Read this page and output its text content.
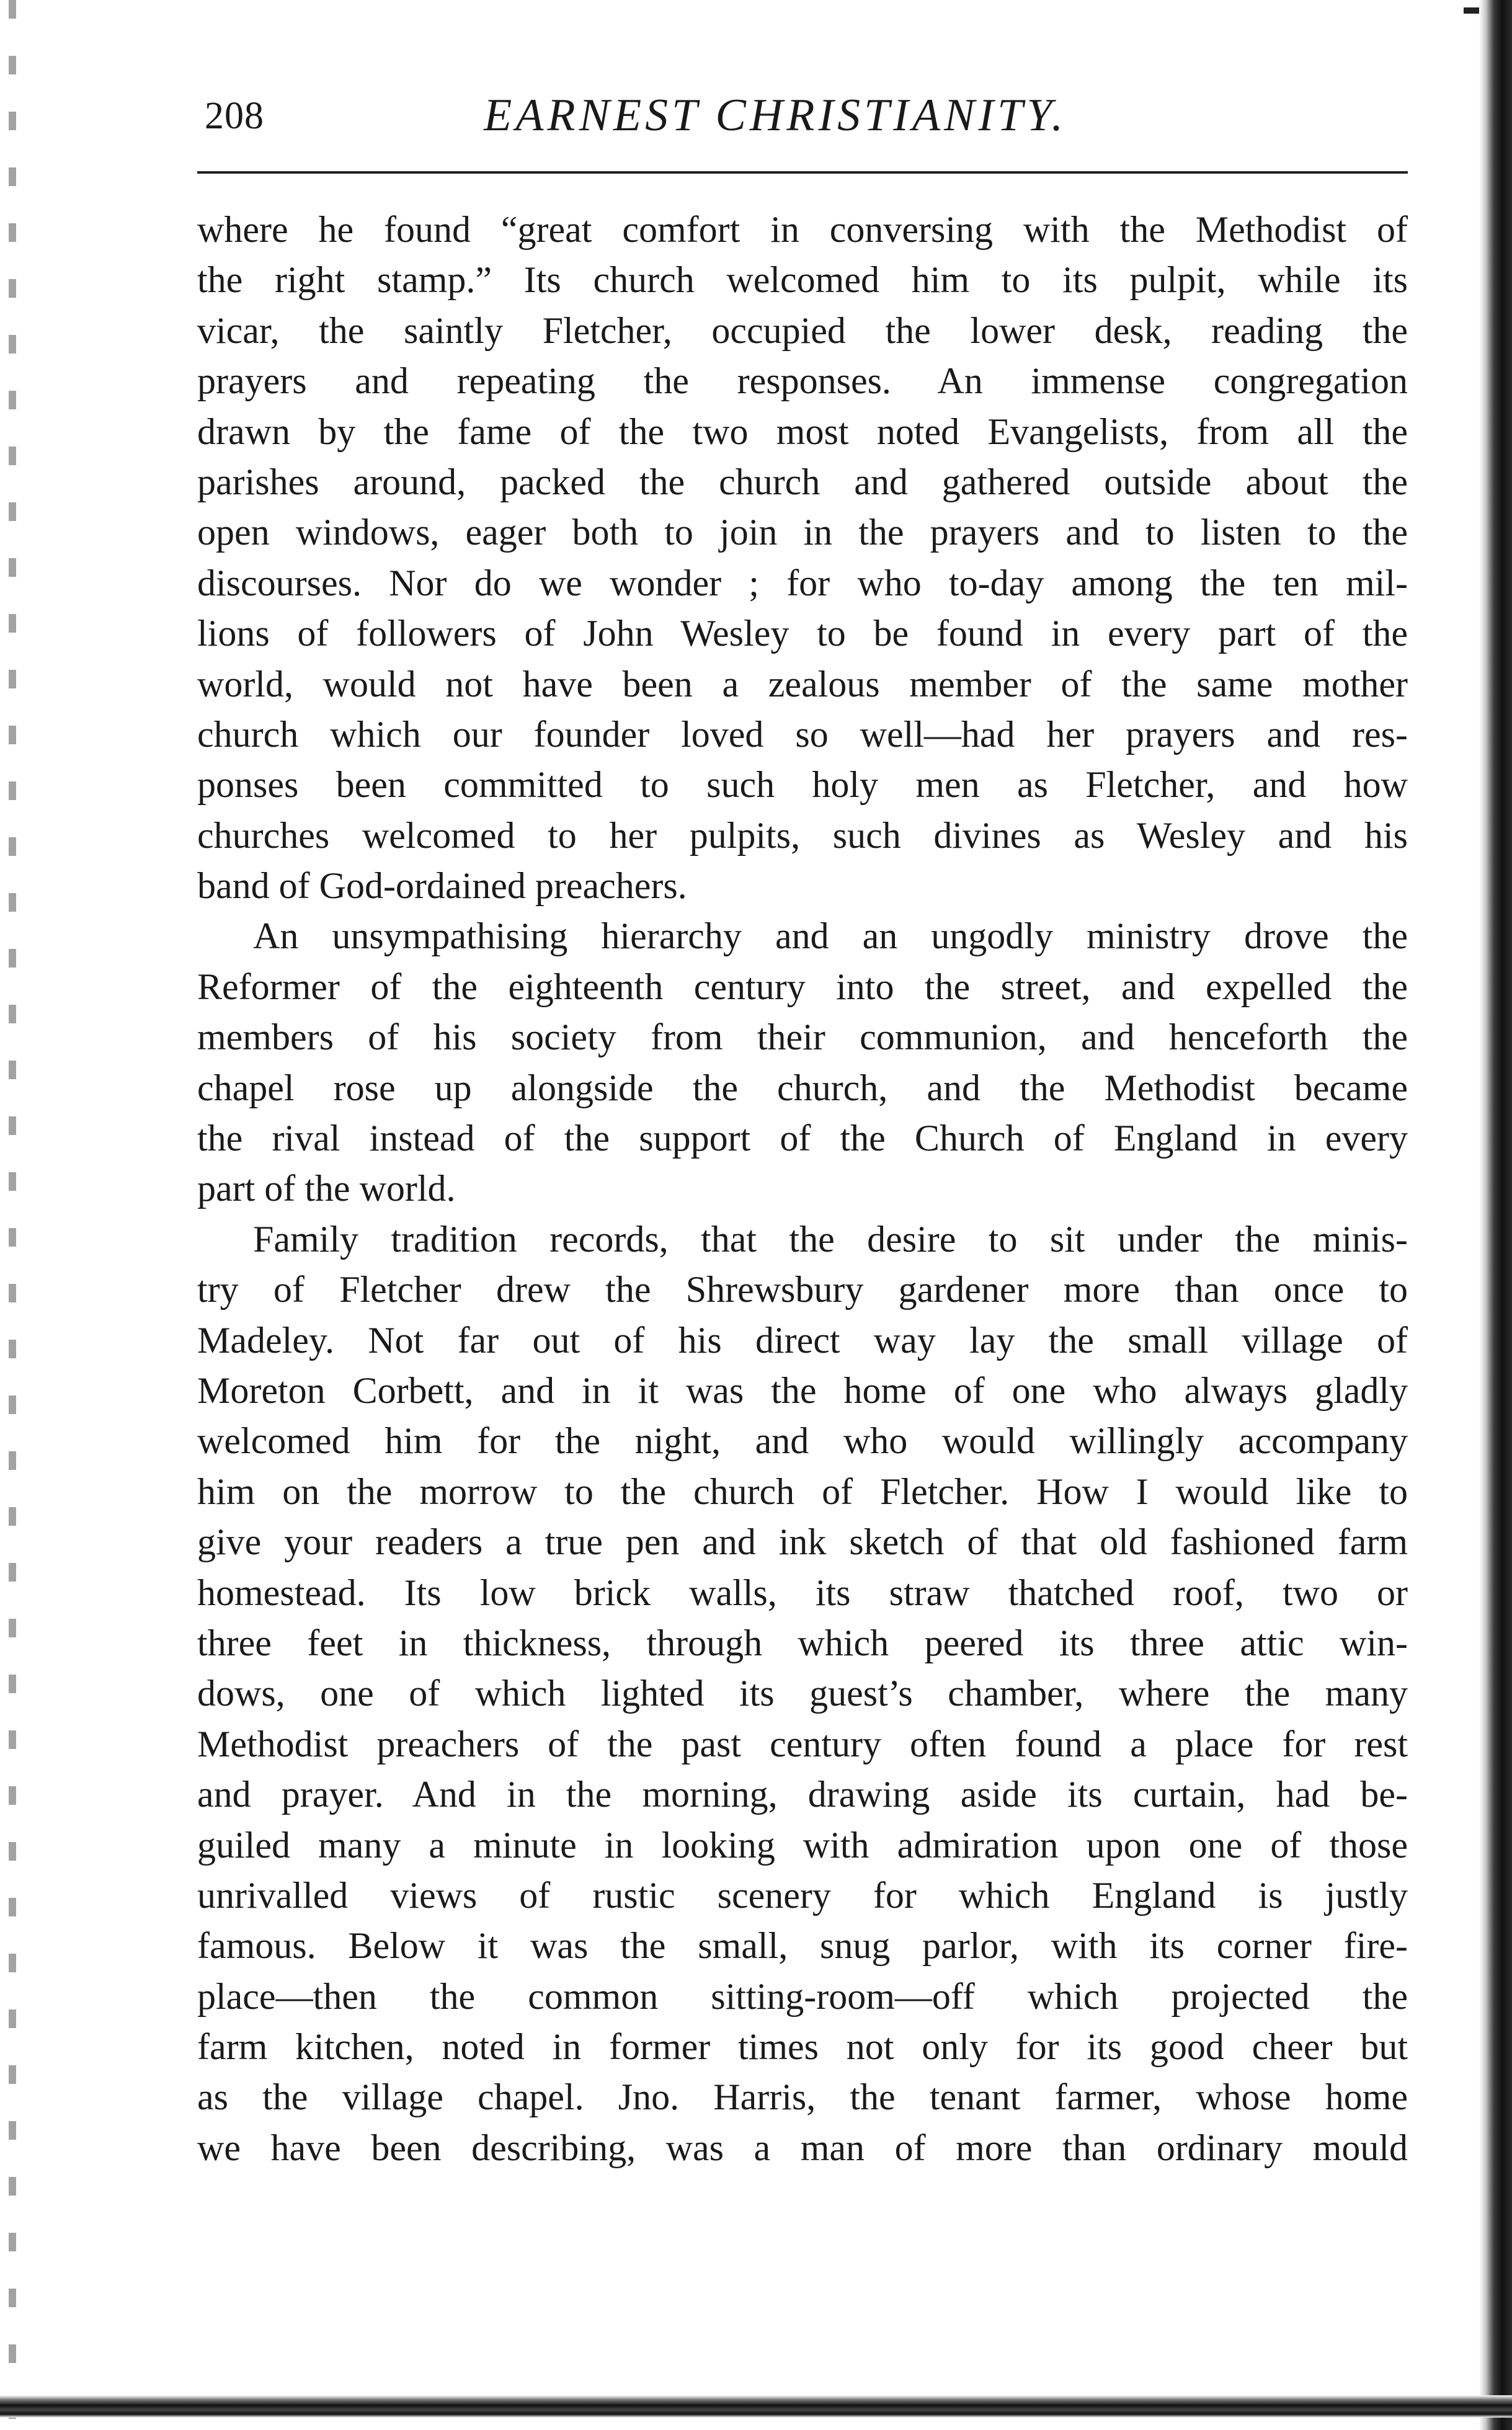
208	EARNEST CHRISTIANITY.
where he found “great comfort in conversing with the Methodist of
the right stamp.” Its church welcomed him to its pulpit, while its
vicar, the saintly Fletcher, occupied the lower desk, reading the
prayers and repeating the responses. An immense congregation
drawn by the fame of the two most noted Evangelists, from all the
parishes around, packed the church and gathered outside about the
open windows, eager both to join in the prayers and to listen to the
discourses. Nor do we wonder ; for who to-day among the ten mil-
lions of followers of John Wesley to be found in every part of the
world, would not have been a zealous member of the same mother
church which our founder loved so well—had her prayers and res-
ponses been committed to such holy men as Fletcher, and how
churches welcomed to her pulpits, such divines as Wesley and his
band of God-ordained preachers.
An unsympathising hierarchy and an ungodly ministry drove the
Reformer of the eighteenth century into the street, and expelled the
members of his society from their communion, and henceforth the
chapel rose up alongside the church, and the Methodist became
the rival instead of the support of the Church of England in every
part of the world.
Family tradition records, that the desire to sit under the minis-
try of Fletcher drew the Shrewsbury gardener more than once to
Madeley. Not far out of his direct way lay the small village of
Moreton Corbett, and in it was the home of one who always gladly
welcomed him for the night, and who would willingly accompany
him on the morrow to the church of Fletcher. How I would like to
give your readers a true pen and ink sketch of that old fashioned farm
homestead. Its low brick walls, its straw thatched roof, two or
three feet in thickness, through which peered its three attic win-
dows, one of which lighted its guest’s chamber, where the many
Methodist preachers of the past century often found a place for rest
and prayer. And in the morning, drawing aside its curtain, had be-
guiled many a minute in looking with admiration upon one of those
unrivalled views of rustic scenery for which England is justly
famous. Below it was the small, snug parlor, with its corner fire-
place—then the common sitting-room—off which projected the
farm kitchen, noted in former times not only for its good cheer but
as the village chapel. Jno. Harris, the tenant farmer, whose home
we have been describing, was a man of more than ordinary mould
